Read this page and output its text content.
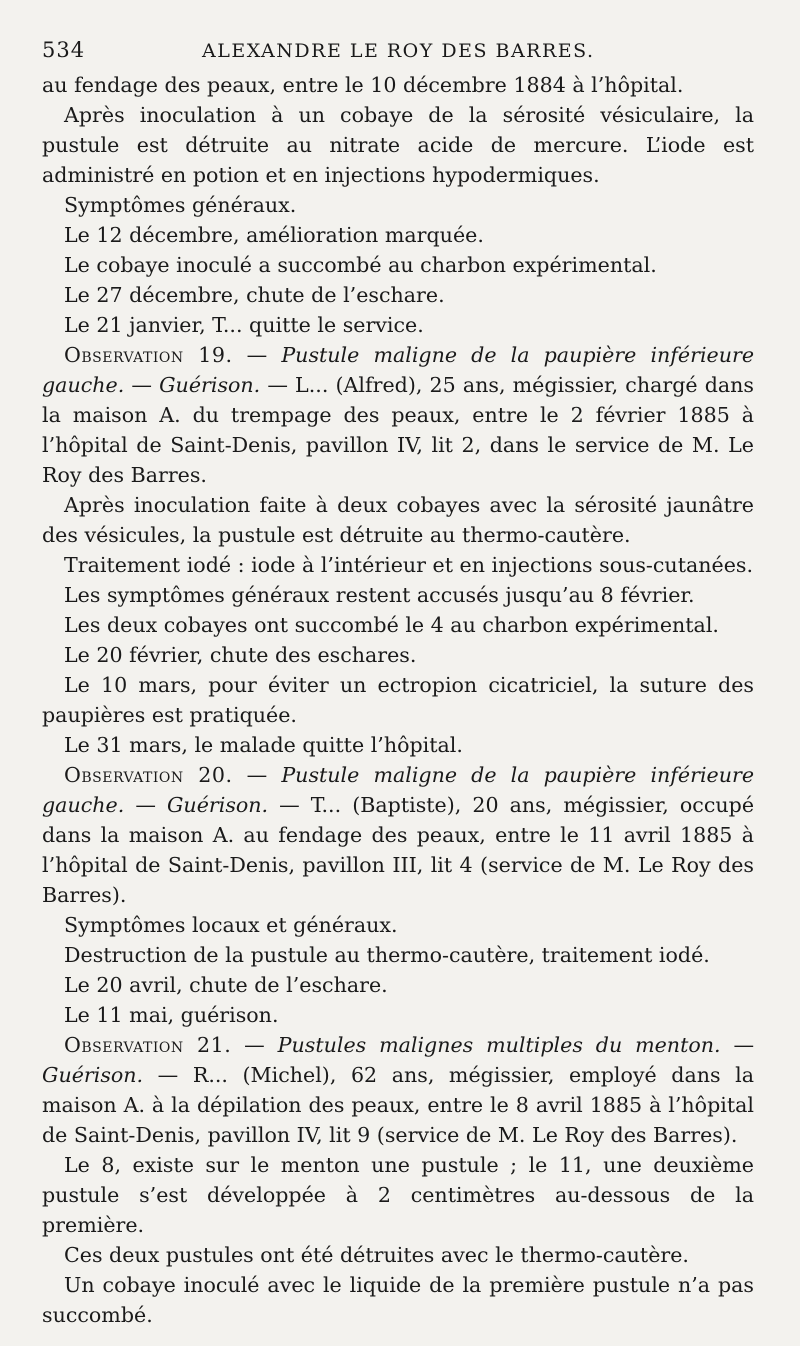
534	ALEXANDRE LE ROY DES BARRES.

au fendage des peaux, entre le 10 décembre 1884 à l’hôpital.

Après inoculation à un cobaye de la sérosité vésiculaire, la pustule est détruite au nitrate acide de mercure. L’iode est administré en potion et en injections hypodermiques.

Symptômes généraux.

Le 12 décembre, amélioration marquée.

Le cobaye inoculé a succombé au charbon expérimental.

Le 27 décembre, chute de l’eschare.

Le 21 janvier, T... quitte le service.

Observation 19. — Pustule maligne de la paupière inférieure gauche. — Guérison. — L... (Alfred), 25 ans, mégissier, chargé dans la maison A. du trempage des peaux, entre le 2 février 1885 à l’hôpital de Saint-Denis, pavillon IV, lit 2, dans le service de M. Le Roy des Barres.

Après inoculation faite à deux cobayes avec la sérosité jaunâtre des vésicules, la pustule est détruite au thermo-cautère.

Traitement iodé : iode à l’intérieur et en injections sous-cutanées.

Les symptômes généraux restent accusés jusqu’au 8 février.

Les deux cobayes ont succombé le 4 au charbon expérimental.

Le 20 février, chute des eschares.

Le 10 mars, pour éviter un ectropion cicatriciel, la suture des paupières est pratiquée.

Le 31 mars, le malade quitte l’hôpital.

Observation 20. — Pustule maligne de la paupière inférieure gauche. — Guérison. — T... (Baptiste), 20 ans, mégissier, occupé dans la maison A. au fendage des peaux, entre le 11 avril 1885 à l’hôpital de Saint-Denis, pavillon III, lit 4 (service de M. Le Roy des Barres).

Symptômes locaux et généraux.

Destruction de la pustule au thermo-cautère, traitement iodé.

Le 20 avril, chute de l’eschare.

Le 11 mai, guérison.

Observation 21. — Pustules malignes multiples du menton. — Guérison. — R... (Michel), 62 ans, mégissier, employé dans la maison A. à la dépilation des peaux, entre le 8 avril 1885 à l’hôpital de Saint-Denis, pavillon IV, lit 9 (service de M. Le Roy des Barres).

Le 8, existe sur le menton une pustule ; le 11, une deuxième pustule s’est développée à 2 centimètres au-dessous de la première.

Ces deux pustules ont été détruites avec le thermo-cautère.

Un cobaye inoculé avec le liquide de la première pustule n’a pas succombé.
